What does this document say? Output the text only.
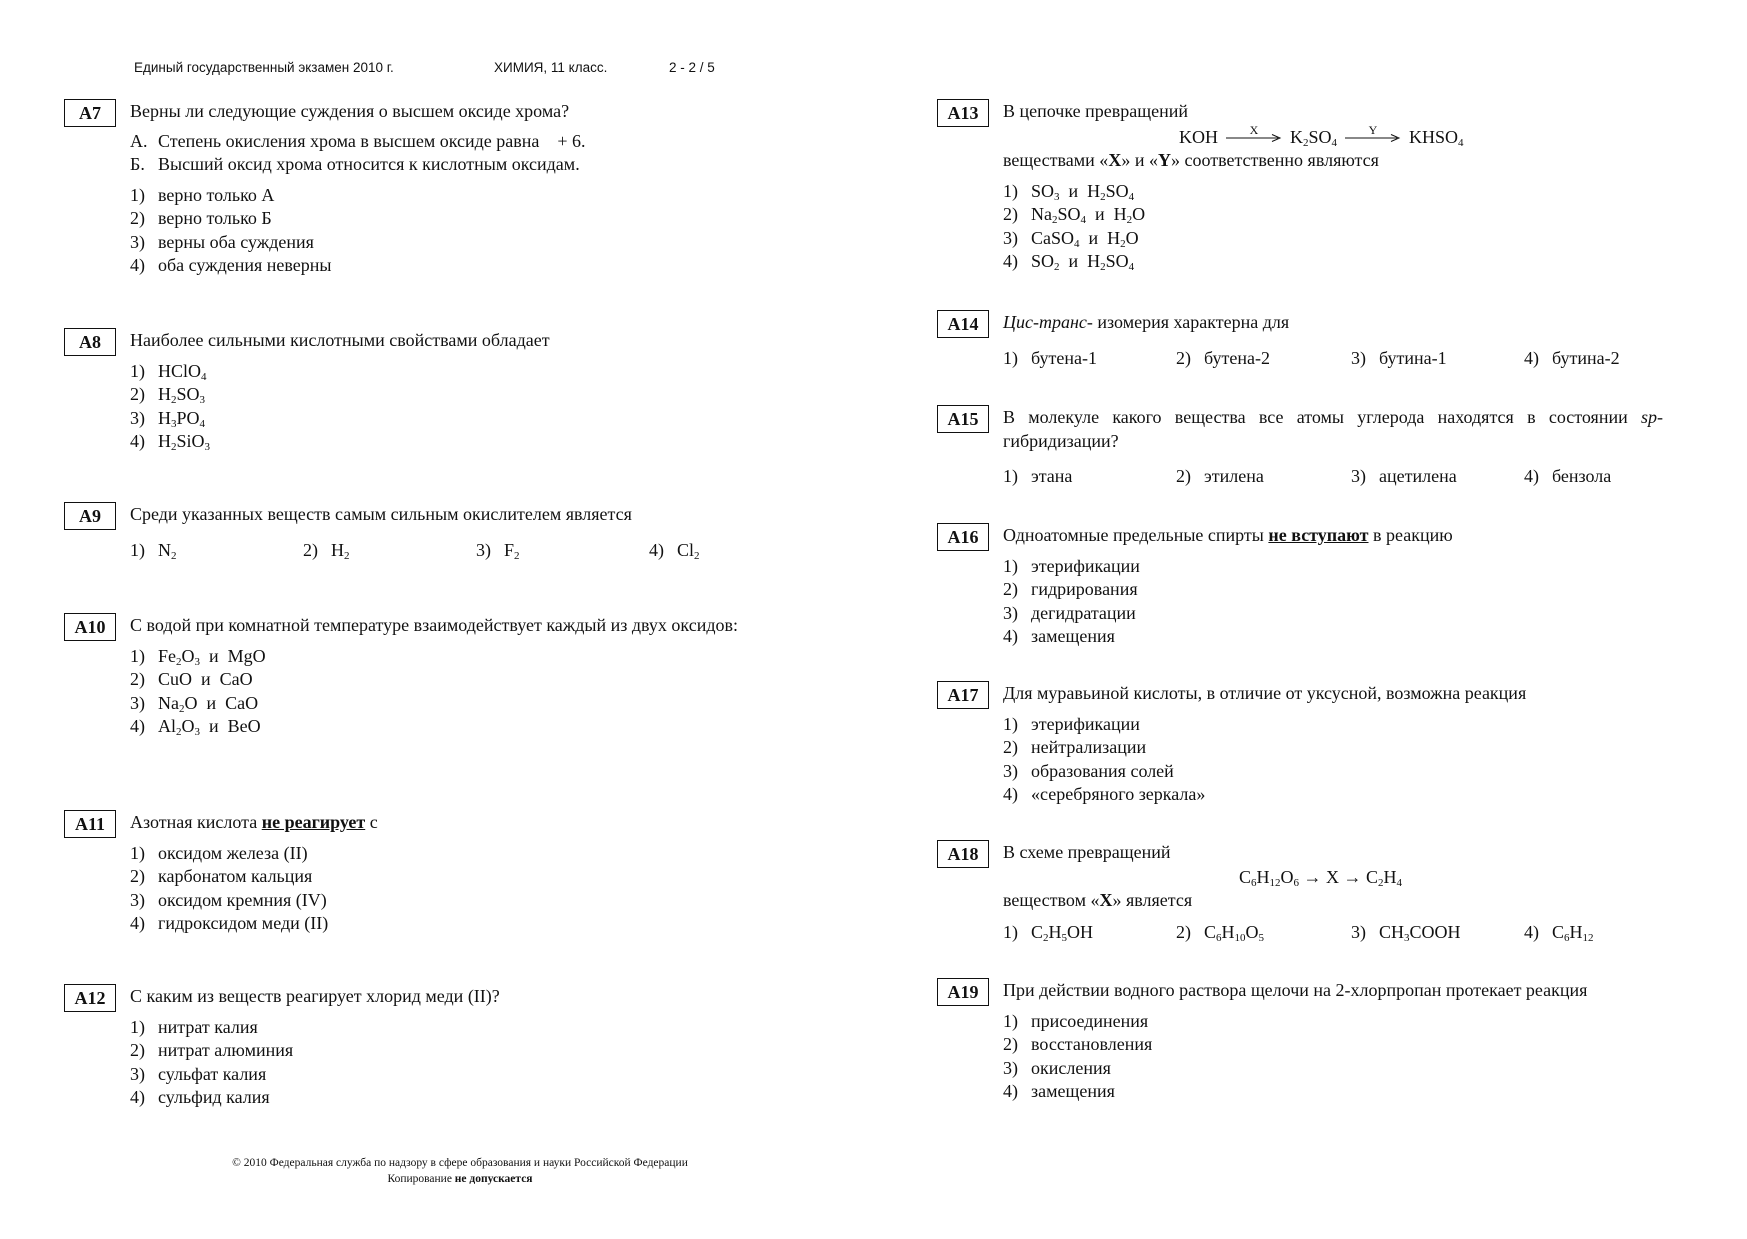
Единый государственный экзамен 2010 г.	ХИМИЯ, 11 класс.	2 - 2 / 5
A7	Верны ли следующие суждения о высшем оксиде хрома?
А. Степень окисления хрома в высшем оксиде равна    + 6.
Б. Высший оксид хрома относится к кислотным оксидам.
1) верно только А
2) верно только Б
3) верны оба суждения
4) оба суждения неверны
A8	Наиболее сильными кислотными свойствами обладает
1) HClO$_4$
2) $H_2SO_3$
3) $H_3PO_4$
4) $H_2SiO_3$
A9	Среди указанных веществ самым сильным окислителем является
1) $N_2$	2) $H_2$	3) $F_2$	4) $Cl_2$
A10	С водой при комнатной температуре взаимодействует каждый из двух оксидов:
1) $Fe_2O_3$  и  MgO
2) CuO  и  CaO
3) $Na_2O$  и  CaO
4) $Al_2O_3$  и  BeO
A11	Азотная кислота не реагирует с
1) оксидом железа (II)
2) карбонатом кальция
3) оксидом кремния (IV)
4) гидроксидом меди (II)
A12	С каким из веществ реагирует хлорид меди (II)?
1) нитрат калия
2) нитрат алюминия
3) сульфат калия
4) сульфид калия
A13	В цепочке превращений
KOH	X	$K_2SO_4$
Y	$KHSO_4$
веществами «X» и «Y» соответственно являются
1) $SO_3$  и  $H_2SO_4$
2) $Na_2SO_4$  и  $H_2O$
3) CaSO$_4$  и  $H_2O$
4) $SO_2$  и  $H_2SO_4$
A14	Цис-транс- изомерия характерна для
1) бутена-1	2) бутена-2	3) бутина-1	4) бутина-2
A15	В молекуле какого вещества все атомы углерода находятся в состоянии sp-гибридизации?
1) этана	2) этилена	3) ацетилена	4) бензола
A16	Одноатомные предельные спирты не вступают в реакцию
1) этерификации
2) гидрирования
3) дегидратации
4) замещения
A17	Для муравьиной кислоты, в отличие от уксусной, возможна реакция
1) этерификации
2) нейтрализации
3) образования солей
4) «серебряного зеркала»
A18	В схеме превращений
$C_6H_{12}O_6 \to X \to C_2H_4$
веществом «X» является
1) $C_2H_5OH$	2) $C_6H_{10}O_5$	3) $CH_3COOH$	4) $C_6H_{12}$
A19	При действии водного раствора щелочи на 2-хлорпропан протекает реакция
1) присоединения
2) восстановления
3) окисления
4) замещения
© 2010 Федеральная служба по надзору в сфере образования и науки Российской Федерации
Копирование не допускается
